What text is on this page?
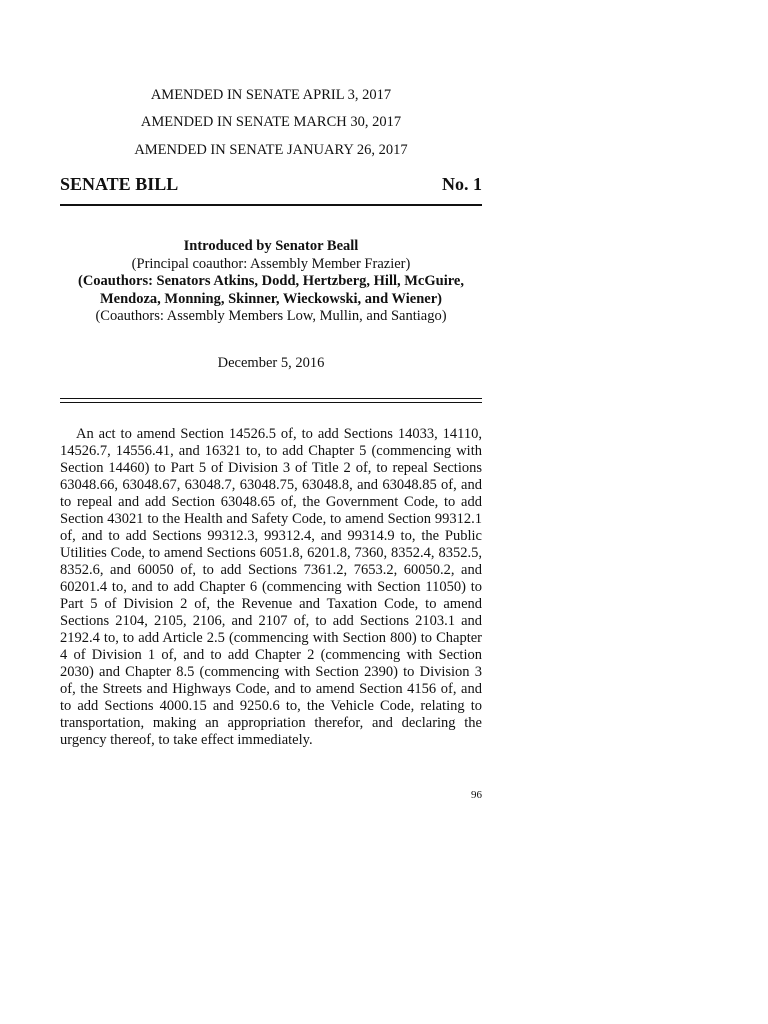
AMENDED IN SENATE APRIL 3, 2017
AMENDED IN SENATE MARCH 30, 2017
AMENDED IN SENATE JANUARY 26, 2017
SENATE BILL	No. 1
Introduced by Senator Beall
(Principal coauthor: Assembly Member Frazier)
(Coauthors: Senators Atkins, Dodd, Hertzberg, Hill, McGuire,
Mendoza, Monning, Skinner, Wieckowski, and Wiener)
(Coauthors: Assembly Members Low, Mullin, and Santiago)
December 5, 2016

An act to amend Section 14526.5 of, to add Sections 14033, 14110, 14526.7, 14556.41, and 16321 to, to add Chapter 5 (commencing with Section 14460) to Part 5 of Division 3 of Title 2 of, to repeal Sections 63048.66, 63048.67, 63048.7, 63048.75, 63048.8, and 63048.85 of, and to repeal and add Section 63048.65 of, the Government Code, to add Section 43021 to the Health and Safety Code, to amend Section 99312.1 of, and to add Sections 99312.3, 99312.4, and 99314.9 to, the Public Utilities Code, to amend Sections 6051.8, 6201.8, 7360, 8352.4, 8352.5, 8352.6, and 60050 of, to add Sections 7361.2, 7653.2, 60050.2, and 60201.4 to, and to add Chapter 6 (commencing with Section 11050) to Part 5 of Division 2 of, the Revenue and Taxation Code, to amend Sections 2104, 2105, 2106, and 2107 of, to add Sections 2103.1 and 2192.4 to, to add Article 2.5 (commencing with Section 800) to Chapter 4 of Division 1 of, and to add Chapter 2 (commencing with Section 2030) and Chapter 8.5 (commencing with Section 2390) to Division 3 of, the Streets and Highways Code, and to amend Section 4156 of, and to add Sections 4000.15 and 9250.6 to, the Vehicle Code, relating to transportation, making an appropriation therefor, and declaring the urgency thereof, to take effect immediately.

96
